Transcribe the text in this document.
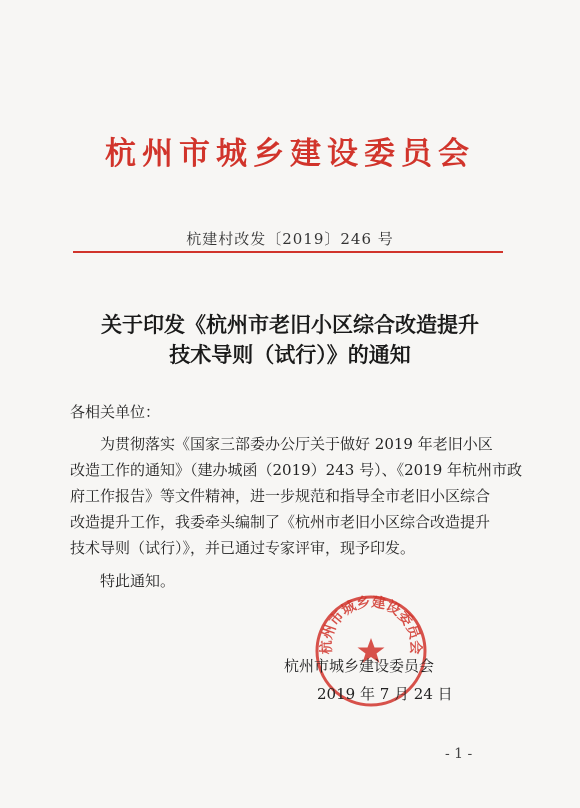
杭州市城乡建设委员会
杭建村改发〔2019〕246 号
关于印发《杭州市老旧小区综合改造提升
技术导则（试行）》的通知
各相关单位：
为贯彻落实《国家三部委办公厅关于做好 2019 年老旧小区
改造工作的通知》（建办城函（2019）243 号）、《2019 年杭州市政
府工作报告》等文件精神，进一步规范和指导全市老旧小区综合
改造提升工作，我委牵头编制了《杭州市老旧小区综合改造提升
技术导则（试行）》，并已通过专家评审，现予印发。
特此通知。
杭州市城乡建设委员会
杭州市城乡建设委员会
2019 年 7 月 24 日
- 1 -
